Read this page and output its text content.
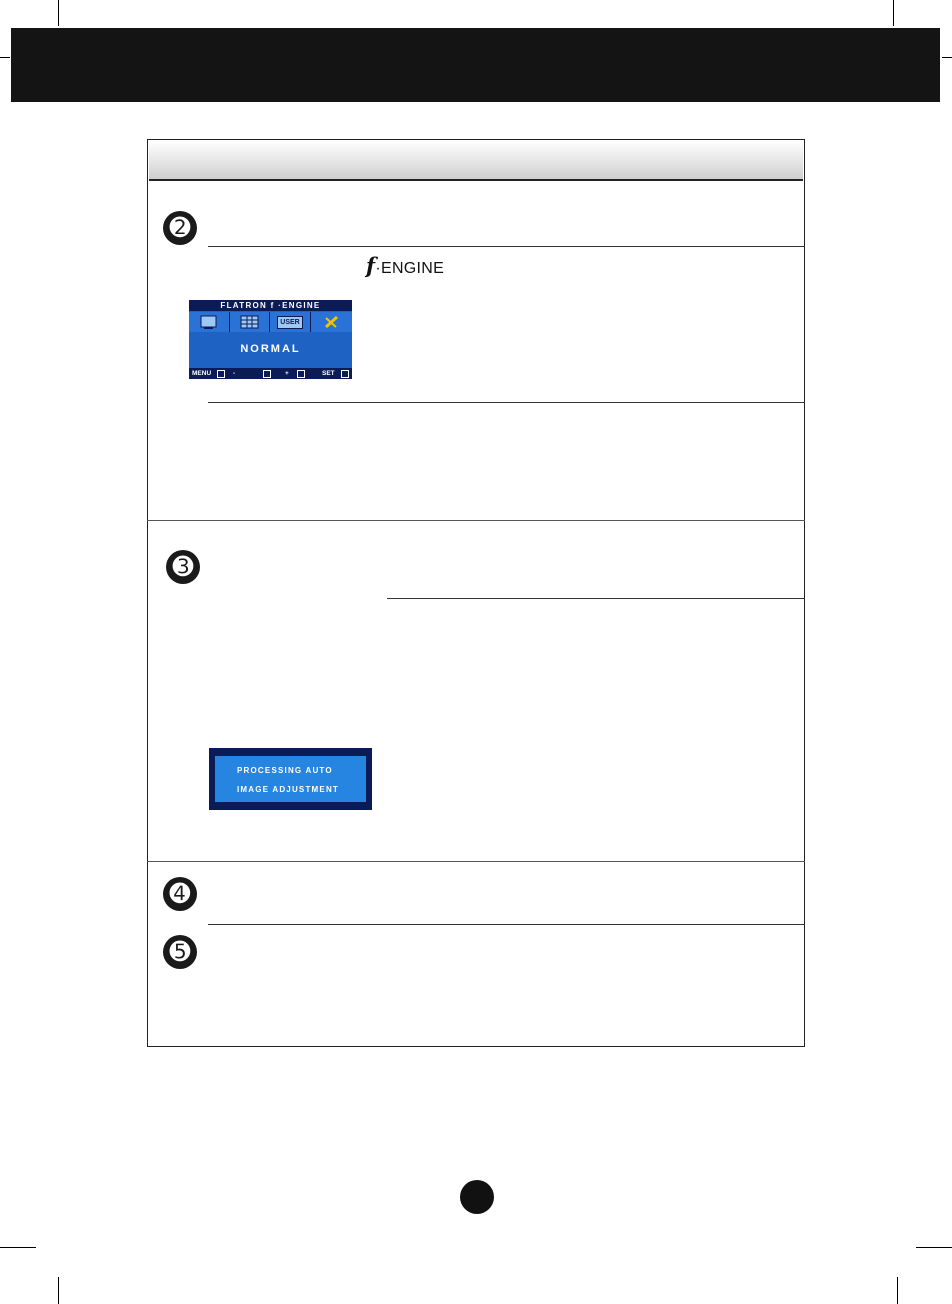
➋
f·ENGINE
FLATRON f ·ENGINE
USER
NORMAL
MENU	-	+	SET
➌
PROCESSING AUTO
IMAGE ADJUSTMENT
➍
➎
